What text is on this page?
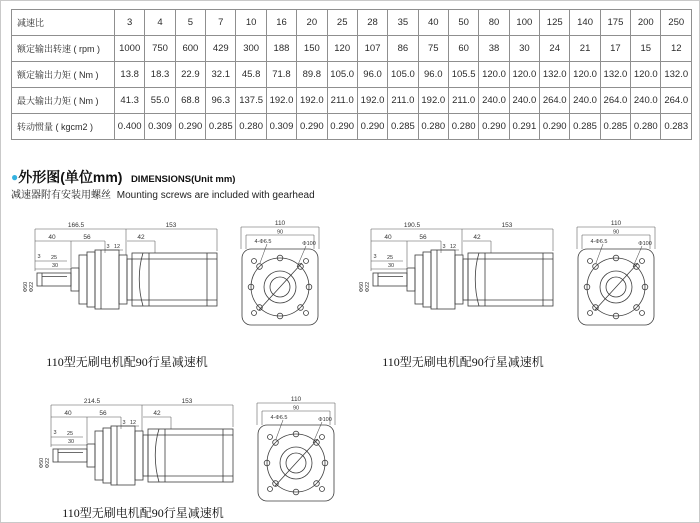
减速比	3	4	5	7	10	16	20	25	28	35	40	50	80	100	125	140	175	200	250
额定输出转速 ( rpm )	1000	750	600	429	300	188	150	120	107	86	75	60	38	30	24	21	17	15	12
额定输出力矩 ( Nm )	13.8	18.3	22.9	32.1	45.8	71.8	89.8	105.0	96.0	105.0	96.0	105.5	120.0	120.0	132.0	120.0	132.0	120.0	132.0
最大输出力矩 ( Nm )	41.3	55.0	68.8	96.3	137.5	192.0	192.0	211.0	192.0	211.0	192.0	211.0	240.0	240.0	264.0	240.0	264.0	240.0	264.0
转动惯量 ( kgcm2 )	0.400	0.309	0.290	0.285	0.280	0.309	0.290	0.290	0.290	0.285	0.280	0.280	0.290	0.291	0.290	0.285	0.285	0.280	0.283
●外形图(单位mm) DIMENSIONS(Unit mm)
减速器附有安装用螺丝 Mounting screws are included with gearhead
166.5	153
40	56	42
3 12
3 25
30
Φ50 Φ22
110
90
4-Φ6.5	Φ100
110型无刷电机配90行星减速机
190.5	153
40	56	42
3 12
3 25
30
Φ50 Φ22
110
90
4-Φ6.5	Φ100
110型无刷电机配90行星减速机
214.5	153
40	56	42
3 12
3 25
30
Φ50 Φ22
110
90
4-Φ6.5	Φ100
110型无刷电机配90行星减速机
